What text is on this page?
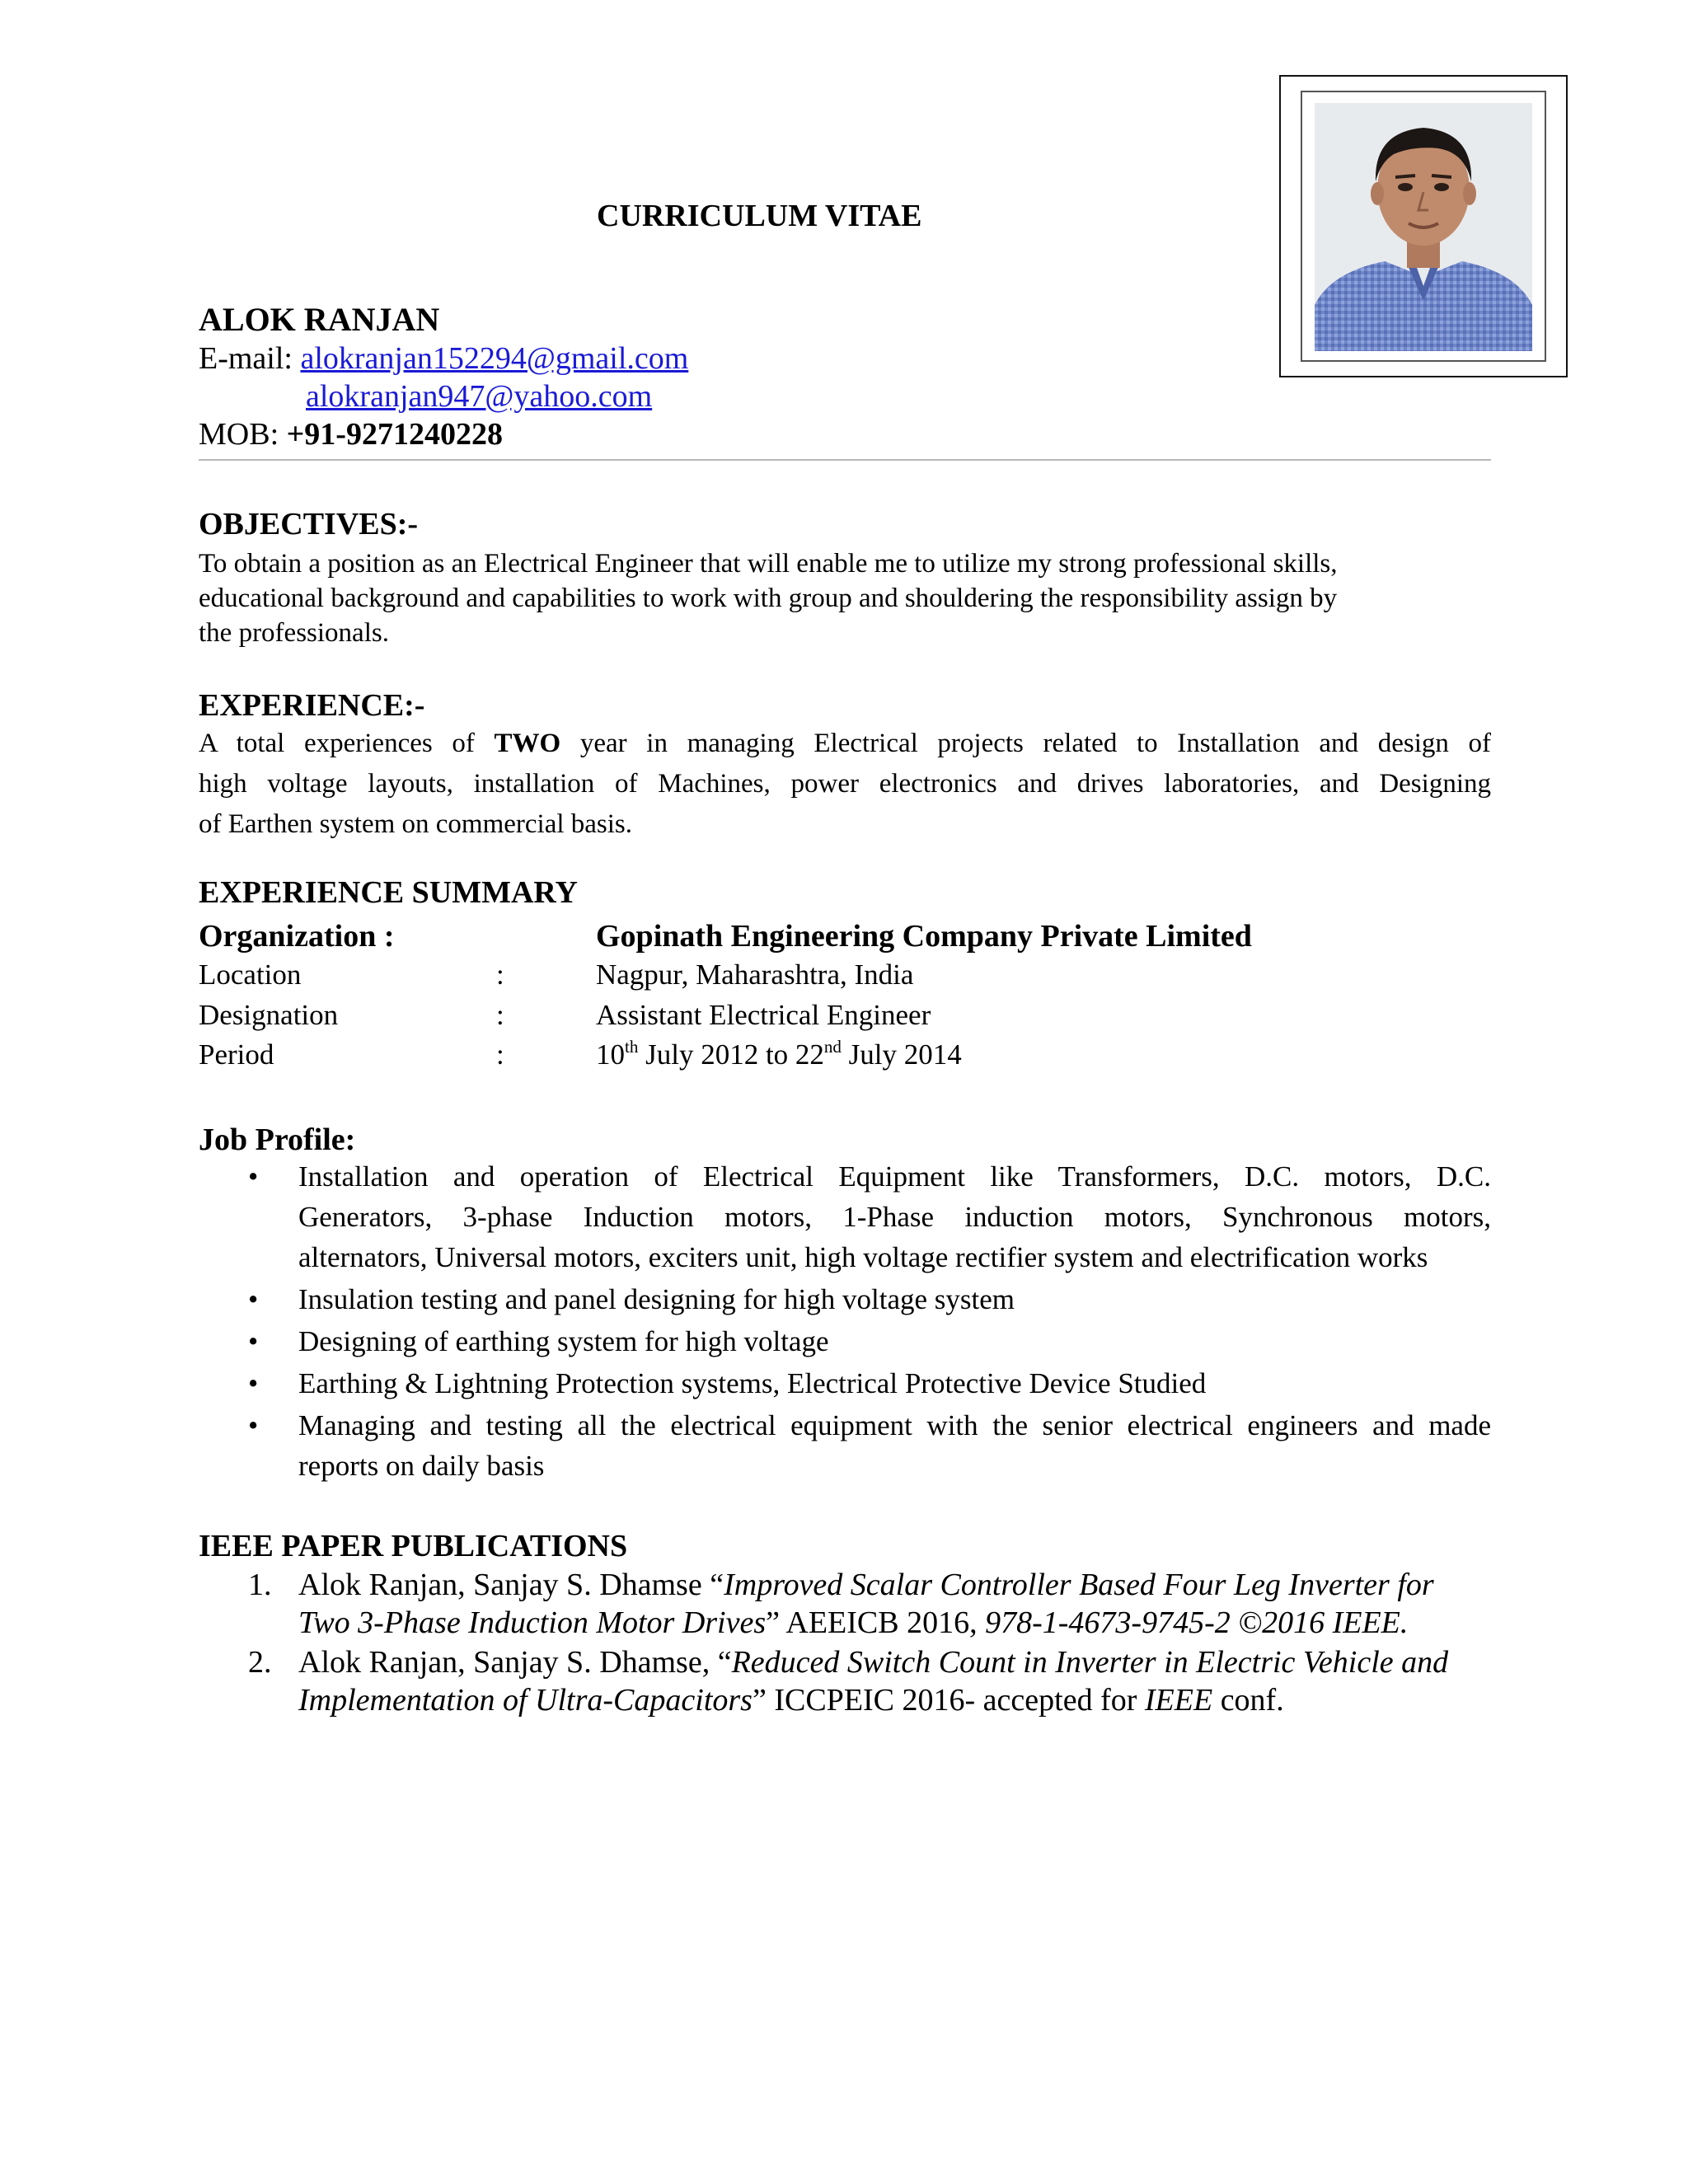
CURRICULUM VITAE
ALOK RANJAN
E-mail: alokranjan152294@gmail.com
alokranjan947@yahoo.com
MOB: +91-9271240228
OBJECTIVES:-
To obtain a position as an Electrical Engineer that will enable me to utilize my strong professional skills,
educational background and capabilities to work with group and shouldering the responsibility assign by
the professionals.
EXPERIENCE:-
A total experiences of TWO year in managing Electrical projects related to Installation and design of
high voltage layouts, installation of Machines, power electronics and drives laboratories, and Designing
of Earthen system on commercial basis.
EXPERIENCE SUMMARY
Organization :	Gopinath Engineering Company Private Limited
Location	:	Nagpur, Maharashtra, India
Designation	:	Assistant Electrical Engineer
Period	:	10th July 2012 to 22nd July 2014
Job Profile:
• Installation and operation of Electrical Equipment like Transformers, D.C. motors, D.C.
Generators, 3-phase Induction motors, 1-Phase induction motors, Synchronous motors,
alternators, Universal motors, exciters unit, high voltage rectifier system and electrification works
• Insulation testing and panel designing for high voltage system
• Designing of earthing system for high voltage
• Earthing & Lightning Protection systems, Electrical Protective Device Studied
• Managing and testing all the electrical equipment with the senior electrical engineers and made
reports on daily basis
IEEE PAPER PUBLICATIONS
1. Alok Ranjan, Sanjay S. Dhamse “Improved Scalar Controller Based Four Leg Inverter for Two 3-Phase Induction Motor Drives” AEEICB 2016, 978-1-4673-9745-2 ©2016 IEEE.
2. Alok Ranjan, Sanjay S. Dhamse, “Reduced Switch Count in Inverter in Electric Vehicle and Implementation of Ultra-Capacitors” ICCPEIC 2016- accepted for IEEE conf.
